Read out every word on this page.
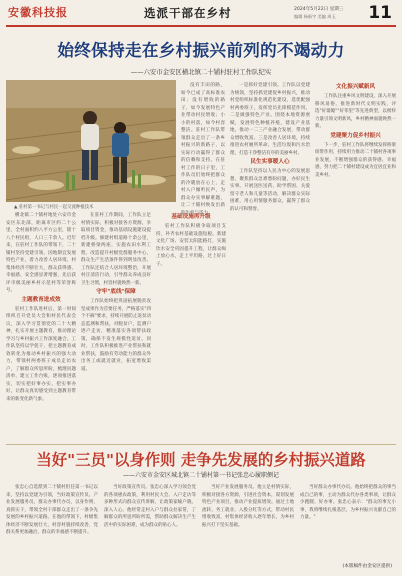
安徽科技报	选派干部在乡村	2024年5月22日 星期三
编辑 杨新宇 美编 周玉 11
始终保持走在乡村振兴前列的不竭动力
——六安市金安区横北镇二十铺村驻村工作队纪实
▲ 驻村第一书记与村民一起交流种植技术

没有丰田的路，如今已成了高标准农田；没有增收的路子，如今发展特色产业带动村民增收；小小的村落，如今村容整洁。驻村工作队带领群众走出了一条乡村振兴的新路子，以实际行动赢得了群众的信赖和支持。在驻村工作的日子里，工作队员们始终把群众的冷暖放在心上，走村入户倾听民声，为群众办实事解难题，让二十铺村焕发出新的生机与活力。

横北镇二十铺村地处六安市金安区东北部，距离市区约二十公里，全村面积约八平方公里，辖十八个村民组，人口三千余人。近年来，在驻村工作队的带领下，二十铺村坚持党建引领，因地制宜发展特色产业，着力改善人居环境，村集体经济不断壮大，群众获得感、幸福感、安全感显著增强，先后获评市级美丽乡村示范村等荣誉称号。

主题教育进成效

驻村工作队进村后，第一时间组织召开党员大会和村民代表会议，深入学习贯彻党的二十大精神，扎实开展主题教育，推动理论学习与乡村振兴工作深度融合。工作队坚持以学促干，把主题教育成效转化为推动乡村振兴的强大动力，带领村两委班子成员走访农户，了解群众所思所盼，梳理问题清单，建立工作台账，逐项推进落实，切实把好事办实、把实事办好，让群众真切感受到主题教育带来的新变化新气象。

在驻村工作期间，工作队立足村情实际，积极对接各方资源，争取项目资金，推动基础设施建设提档升级。修建村组道路十余公里，新建桥梁两座，实施农田水利工程，改造提升村级党群服务中心，群众生产生活条件得到明显改善。工作队还结合人居环境整治，开展村庄清洁行动，引导群众养成良好卫生习惯，村容村貌焕然一新。

守牢"底线"保障

工作队始终把巩固拓展脱贫攻坚成果作为首要任务，严格落实"四个不摘"要求，持续开展防止返贫动态监测和帮扶，对脱贫户、监测户逐户走访，精准落实各项帮扶政策，确保不发生规模性返贫。同时，工作队积极推进产业帮扶和就业帮扶，鼓励有劳动能力的群众外出务工或就近就业，拓宽增收渠道。

基础设施再升级

驻村工作队积极争取项目支持，补齐农村基础设施短板。新建文化广场、安装太阳能路灯，实施饮水安全巩固提升工程，让群众喝上放心水，走上平坦路，过上好日子。

一是抓好党建引领。工作队以党建为统领，坚持抓党建促乡村振兴，推动村党组织标准化规范化建设，选优配强村两委班子，发挥党员先锋模范作用。二是做强特色产业。围绕本地资源禀赋，发展特色种植养殖，建设产业基地，推动一二三产业融合发展，带动群众增收致富。三是改善人居环境，持续推进农村厕所革命、生活垃圾和污水治理，打造干净整洁有序的美丽乡村。

民生实事暖人心

工作队坚持以人民为中心的发展思想，聚焦群众急难愁盼问题，办好民生实事。开展送医送药、助学帮困、关爱留守老人和儿童等活动，解决群众实际困难，用心用情服务群众，赢得了群众的认可和赞誉。

文化振兴赋新风

工作队注重乡风文明建设，深入开展移风易俗，推进新时代文明实践，评选"好婆媳""好邻里"等先进典型，以榜样力量引领文明新风，乡村精神面貌焕然一新。

党建聚力促乡村振兴

下一步，驻村工作队将继续发挥桥梁纽带作用，持续用力推动二十铺村各项事业发展，不断增强群众的获得感、幸福感，努力把二十铺村建设成为宜居宜业和美乡村。

当好"三员"以身作则 走争先发展的乡村振兴道路
——六安市金安区城北镇二十铺村第一书记张忠心履职侧记

张忠心自选派到二十铺村担任第一书记以来，坚持以党建为引领，当好政策宣传员、产业发展服务员、群众办事代办员，以身作则、真抓实干，带领全村干部群众走出了一条争先发展的乡村振兴道路。在他的带领下，村级集体经济不断发展壮大，村容村貌持续改善，党群关系更加融洽，群众的幸福感不断提升。

当好政策宣传员。张忠心深入学习领会党的各项惠农政策，利用村民大会、入户走访等多种形式向群众宣传讲解，让政策家喻户晓、深入人心。他经常走村入户与群众拉家常，了解群众的所思所盼所需，帮助群众解决生产生活中的实际困难，成为群众的贴心人。

当好产业发展服务员。他立足村情实际，积极对接各方资源，引进社会资本，谋划发展特色产业项目，推动产业提质增效。通过土地流转、务工就业、入股分红等方式，带动村民增收致富，村集体经济收入逐年增长，为乡村振兴打下坚实基础。

当好群众办事代办员。他始终把群众的事当成自己的事，主动为群众代办各类事项，让群众少跑腿、好办事。张忠心表示："群众的事无小事，我将继续扎根基层，为乡村振兴贡献自己的力量。"

(本版稿件由金安区提供)
